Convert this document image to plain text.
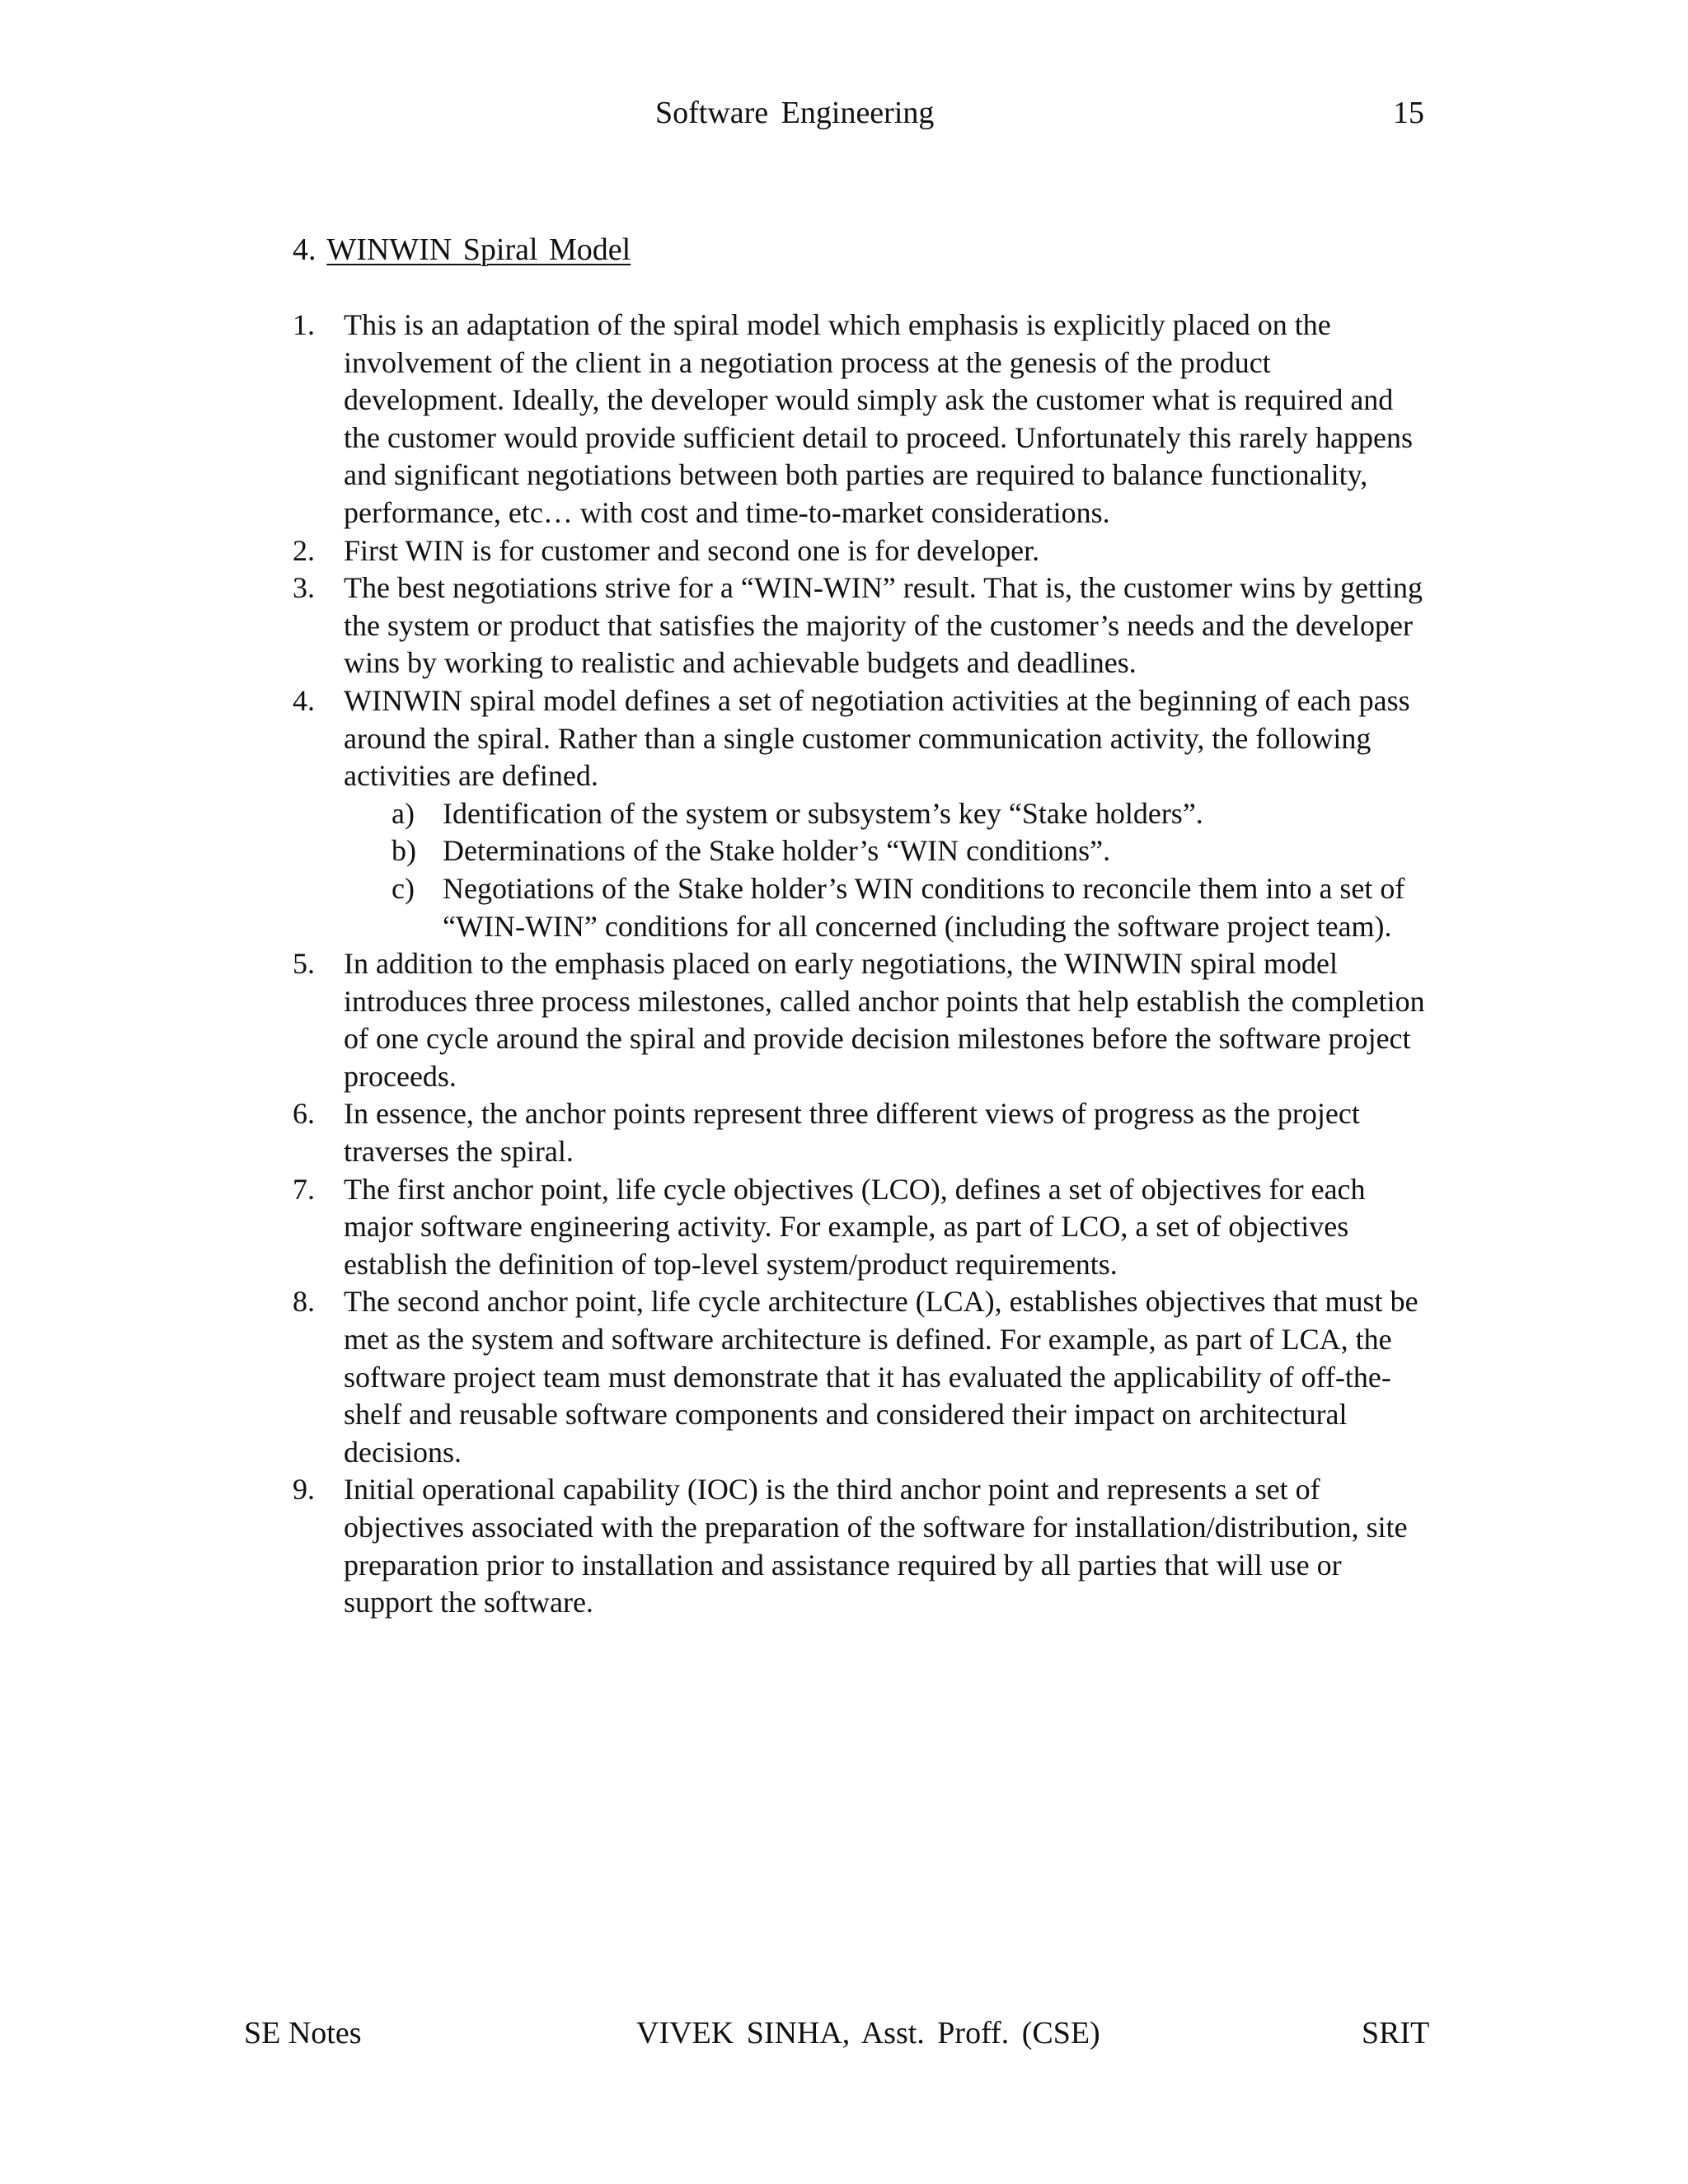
Software Engineering	15
4. WINWIN Spiral Model
1. This is an adaptation of the spiral model which emphasis is explicitly placed on the involvement of the client in a negotiation process at the genesis of the product development. Ideally, the developer would simply ask the customer what is required and the customer would provide sufficient detail to proceed. Unfortunately this rarely happens and significant negotiations between both parties are required to balance functionality, performance, etc… with cost and time-to-market considerations.
2. First WIN is for customer and second one is for developer.
3. The best negotiations strive for a “WIN-WIN” result. That is, the customer wins by getting the system or product that satisfies the majority of the customer’s needs and the developer wins by working to realistic and achievable budgets and deadlines.
4. WINWIN spiral model defines a set of negotiation activities at the beginning of each pass around the spiral. Rather than a single customer communication activity, the following activities are defined.
a) Identification of the system or subsystem’s key “Stake holders”.
b) Determinations of the Stake holder’s “WIN conditions”.
c) Negotiations of the Stake holder’s WIN conditions to reconcile them into a set of “WIN-WIN” conditions for all concerned (including the software project team).
5. In addition to the emphasis placed on early negotiations, the WINWIN spiral model introduces three process milestones, called anchor points that help establish the completion of one cycle around the spiral and provide decision milestones before the software project proceeds.
6. In essence, the anchor points represent three different views of progress as the project traverses the spiral.
7. The first anchor point, life cycle objectives (LCO), defines a set of objectives for each major software engineering activity. For example, as part of LCO, a set of objectives establish the definition of top-level system/product requirements.
8. The second anchor point, life cycle architecture (LCA), establishes objectives that must be met as the system and software architecture is defined. For example, as part of LCA, the software project team must demonstrate that it has evaluated the applicability of off-the-shelf and reusable software components and considered their impact on architectural decisions.
9. Initial operational capability (IOC) is the third anchor point and represents a set of objectives associated with the preparation of the software for installation/distribution, site preparation prior to installation and assistance required by all parties that will use or support the software.
SE Notes	VIVEK SINHA, Asst. Proff. (CSE)	SRIT
